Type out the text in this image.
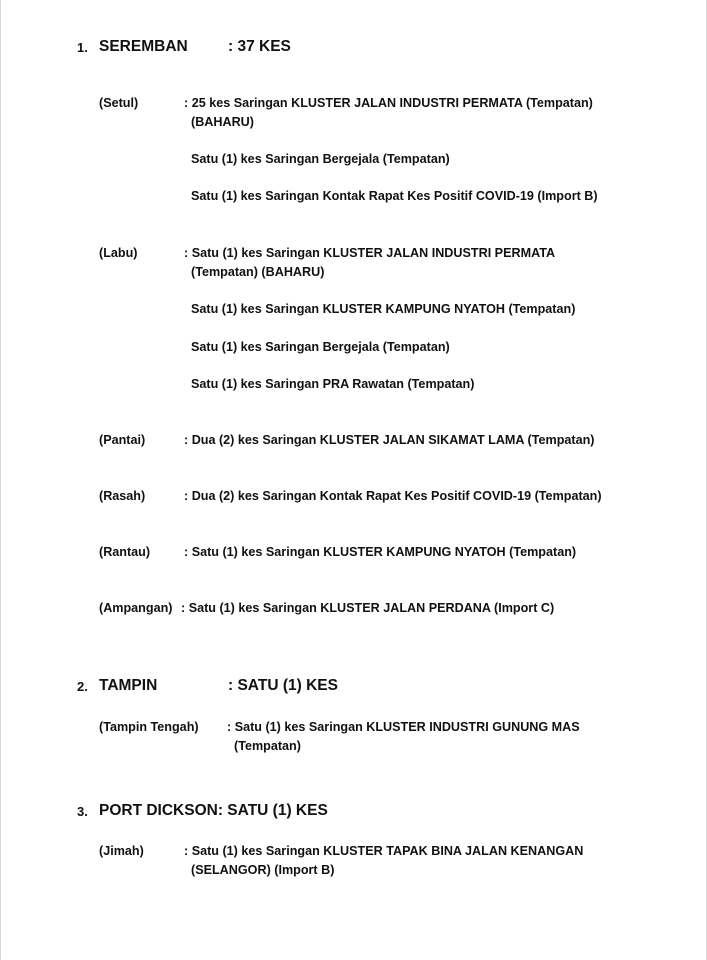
1. SEREMBAN	: 37 KES
(Setul)	: 25 kes Saringan KLUSTER JALAN INDUSTRI PERMATA (Tempatan)
(BAHARU)
Satu (1) kes Saringan Bergejala (Tempatan)
Satu (1) kes Saringan Kontak Rapat Kes Positif COVID-19 (Import B)
(Labu)	: Satu (1) kes Saringan KLUSTER JALAN INDUSTRI PERMATA
(Tempatan) (BAHARU)
Satu (1) kes Saringan KLUSTER KAMPUNG NYATOH (Tempatan)
Satu (1) kes Saringan Bergejala (Tempatan)
Satu (1) kes Saringan PRA Rawatan (Tempatan)
(Pantai)	: Dua (2) kes Saringan KLUSTER JALAN SIKAMAT LAMA (Tempatan)
(Rasah)	: Dua (2) kes Saringan Kontak Rapat Kes Positif COVID-19 (Tempatan)
(Rantau)	: Satu (1) kes Saringan KLUSTER KAMPUNG NYATOH (Tempatan)
(Ampangan) : Satu (1) kes Saringan KLUSTER JALAN PERDANA (Import C)
2. TAMPIN	: SATU (1) KES
(Tampin Tengah) : Satu (1) kes Saringan KLUSTER INDUSTRI GUNUNG MAS
(Tempatan)
3. PORT DICKSON: SATU (1) KES
(Jimah)	: Satu (1) kes Saringan KLUSTER TAPAK BINA JALAN KENANGAN
(SELANGOR) (Import B)
